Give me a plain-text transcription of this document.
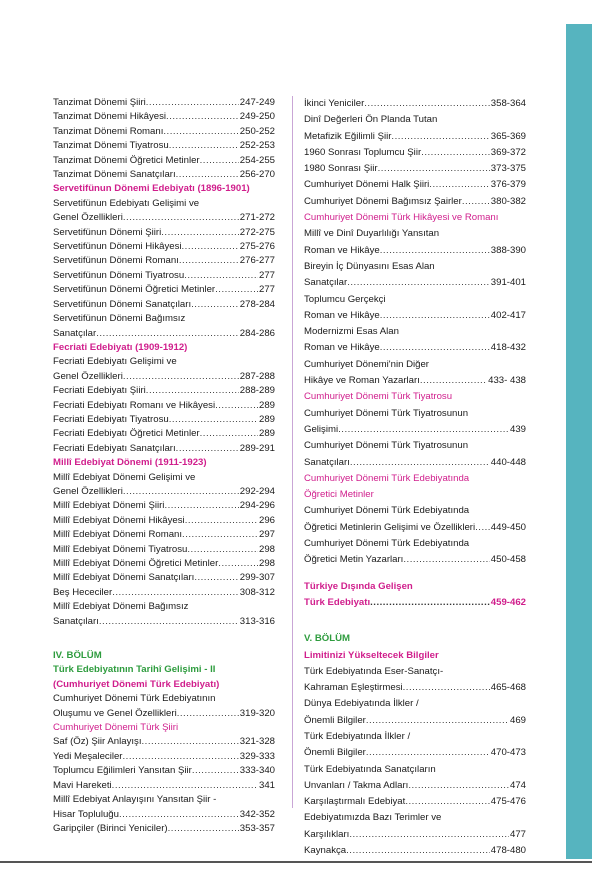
Tanzimat Dönemi Şiiri .....	247-249
Tanzimat Dönemi Hikâyesi .....	249-250
Tanzimat Dönemi Romanı .....	250-252
Tanzimat Dönemi Tiyatrosu .....	252-253
Tanzimat Dönemi Öğretici Metinler .....	254-255
Tanzimat Dönemi Sanatçıları .....	256-270
Servetifünun Dönemi Edebiyatı (1896-1901)
Servetifünun Edebiyatı Gelişimi ve
Genel Özellikleri .....	271-272
Servetifünun Dönemi Şiiri .....	272-275
Servetifünun Dönemi Hikâyesi .....	275-276
Servetifünun Dönemi Romanı .....	276-277
Servetifünun Dönemi Tiyatrosu .....	277
Servetifünun Dönemi Öğretici Metinler .....	277
Servetifünun Dönemi Sanatçıları .....	278-284
Servetifünun Dönemi Bağımsız
Sanatçılar .....	284-286
Fecriati Edebiyatı (1909-1912)
Fecriati Edebiyatı Gelişimi ve
Genel Özellikleri .....	287-288
Fecriati Edebiyatı Şiiri .....	288-289
Fecriati Edebiyatı Romanı ve Hikâyesi .....	289
Fecriati Edebiyatı Tiyatrosu .....	289
Fecriati Edebiyatı Öğretici Metinler .....	289
Fecriati Edebiyatı Sanatçıları .....	289-291
Millî Edebiyat Dönemi (1911-1923)
Millî Edebiyat Dönemi Gelişimi ve
Genel Özellikleri .....	292-294
Millî Edebiyat Dönemi Şiiri .....	294-296
Millî Edebiyat Dönemi Hikâyesi .....	296
Millî Edebiyat Dönemi Romanı .....	297
Millî Edebiyat Dönemi Tiyatrosu .....	298
Millî Edebiyat Dönemi Öğretici Metinler .....	298
Millî Edebiyat Dönemi Sanatçıları .....	299-307
Beş Hececiler .....	308-312
Millî Edebiyat Dönemi Bağımsız
Sanatçıları .....	313-316
IV. BÖLÜM
Türk Edebiyatının Tarihî Gelişimi - II
(Cumhuriyet Dönemi Türk Edebiyatı)
Cumhuriyet Dönemi Türk Edebiyatının
Oluşumu ve Genel Özellikleri .....	319-320
Cumhuriyet Dönemi Türk Şiiri
Saf (Öz) Şiir Anlayışı .....	321-328
Yedi Meşaleciler .....	329-333
Toplumcu Eğilimleri Yansıtan Şiir .....	333-340
Mavi Hareketi .....	341
Millî Edebiyat Anlayışını Yansıtan Şiir -
Hisar Topluluğu .....	342-352
Garipçiler (Birinci Yeniciler) .....	353-357
İkinci Yeniciler .....	358-364
Dinî Değerleri Ön Planda Tutan
Metafizik Eğilimli Şiir .....	365-369
1960 Sonrası Toplumcu Şiir .....	369-372
1980 Sonrası Şiir .....	373-375
Cumhuriyet Dönemi Halk Şiiri .....	376-379
Cumhuriyet Dönemi Bağımsız Şairler .....	380-382
Cumhuriyet Dönemi Türk Hikâyesi ve Romanı
Millî ve Dinî Duyarlılığı Yansıtan
Roman ve Hikâye .....	388-390
Bireyin İç Dünyasını Esas Alan
Sanatçılar .....	391-401
Toplumcu Gerçekçi
Roman ve Hikâye .....	402-417
Modernizmi Esas Alan
Roman ve Hikâye .....	418-432
Cumhuriyet Dönemi'nin Diğer
Hikâye ve Roman Yazarları .....	433- 438
Cumhuriyet Dönemi Türk Tiyatrosu
Cumhuriyet Dönemi Türk Tiyatrosunun
Gelişimi .....	439
Cumhuriyet Dönemi Türk Tiyatrosunun
Sanatçıları .....	440-448
Cumhuriyet Dönemi Türk Edebiyatında
Öğretici Metinler
Cumhuriyet Dönemi Türk Edebiyatında
Öğretici Metinlerin Gelişimi ve Özellikleri ..... 449-450
Cumhuriyet Dönemi Türk Edebiyatında
Öğretici Metin Yazarları .....	450-458
Türkiye Dışında Gelişen
Türk Edebiyatı .....	459-462
V. BÖLÜM
Limitinizi Yükseltecek Bilgiler
Türk Edebiyatında Eser-Sanatçı-
Kahraman Eşleştirmesi .....	465-468
Dünya Edebiyatında İlkler /
Önemli Bilgiler .....	469
Türk Edebiyatında İlkler /
Önemli Bilgiler .....	470-473
Türk Edebiyatında Sanatçıların
Unvanları / Takma Adları .....	474
Karşılaştırmalı Edebiyat .....	475-476
Edebiyatımızda Bazı Terimler ve
Karşılıkları .....	477
Kaynakça .....	478-480
